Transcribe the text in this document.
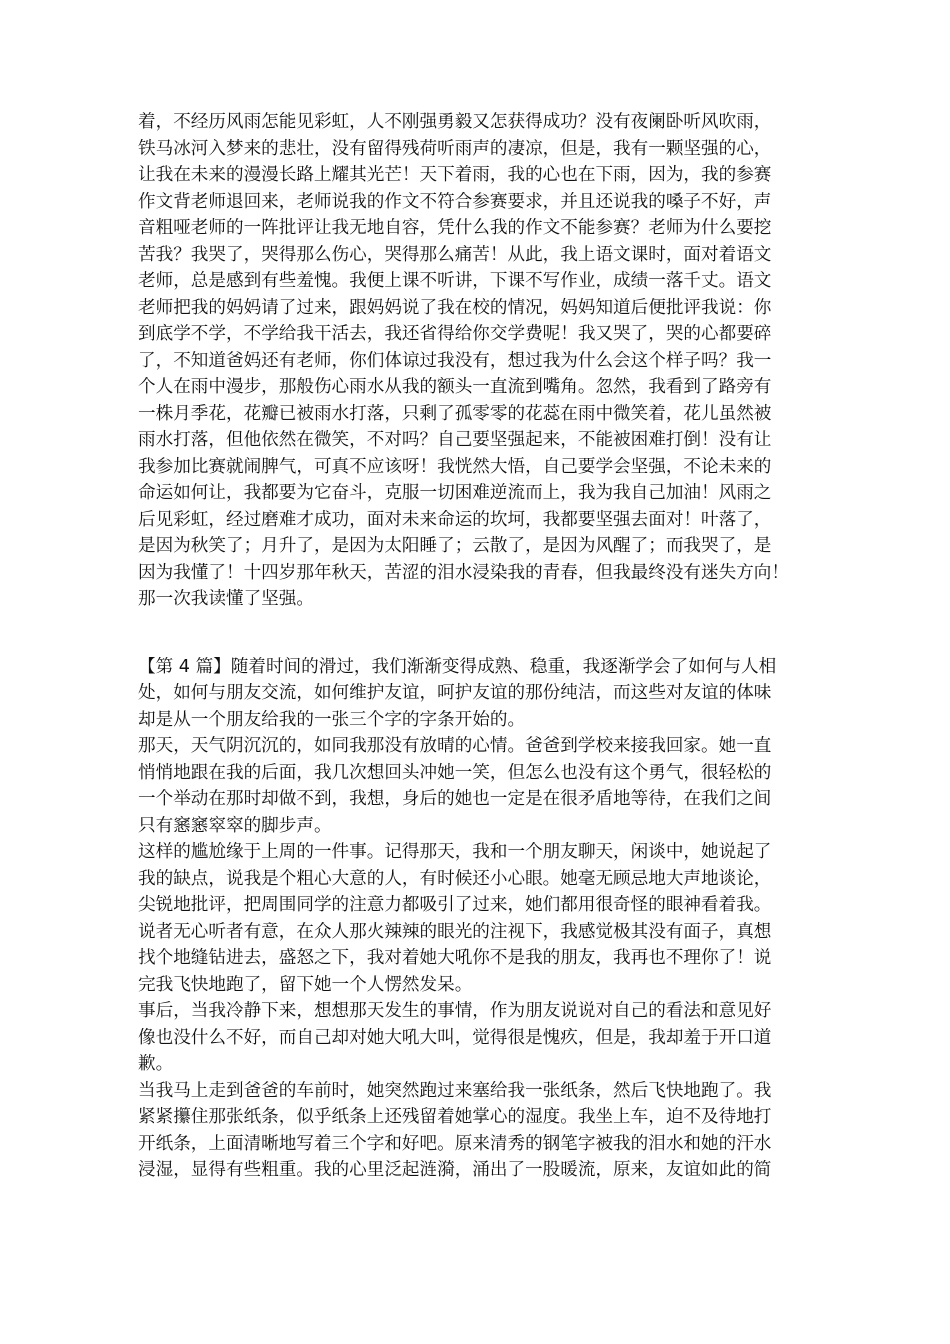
着，不经历风雨怎能见彩虹，人不刚强勇毅又怎获得成功？没有夜阑卧听风吹雨，
铁马冰河入梦来的悲壮，没有留得残荷听雨声的凄凉，但是，我有一颗坚强的心，
让我在未来的漫漫长路上耀其光芒！天下着雨，我的心也在下雨，因为，我的参赛
作文背老师退回来，老师说我的作文不符合参赛要求，并且还说我的嗓子不好，声
音粗哑老师的一阵批评让我无地自容，凭什么我的作文不能参赛？老师为什么要挖
苦我？我哭了，哭得那么伤心，哭得那么痛苦！从此，我上语文课时，面对着语文
老师，总是感到有些羞愧。我便上课不听讲，下课不写作业，成绩一落千丈。语文
老师把我的妈妈请了过来，跟妈妈说了我在校的情况，妈妈知道后便批评我说：你
到底学不学，不学给我干活去，我还省得给你交学费呢！我又哭了，哭的心都要碎
了，不知道爸妈还有老师，你们体谅过我没有，想过我为什么会这个样子吗？我一
个人在雨中漫步，那般伤心雨水从我的额头一直流到嘴角。忽然，我看到了路旁有
一株月季花，花瓣已被雨水打落，只剩了孤零零的花蕊在雨中微笑着，花儿虽然被
雨水打落，但他依然在微笑，不对吗？自己要坚强起来，不能被困难打倒！没有让
我参加比赛就闹脾气，可真不应该呀！我恍然大悟，自己要学会坚强，不论未来的
命运如何让，我都要为它奋斗，克服一切困难逆流而上，我为我自己加油！风雨之
后见彩虹，经过磨难才成功，面对未来命运的坎坷，我都要坚强去面对！叶落了，
是因为秋笑了；月升了，是因为太阳睡了；云散了，是因为风醒了；而我哭了，是
因为我懂了！十四岁那年秋天，苦涩的泪水浸染我的青春，但我最终没有迷失方向！
那一次我读懂了坚强。
【第 4 篇】随着时间的滑过，我们渐渐变得成熟、稳重，我逐渐学会了如何与人相
处，如何与朋友交流，如何维护友谊，呵护友谊的那份纯洁，而这些对友谊的体味
却是从一个朋友给我的一张三个字的字条开始的。
那天，天气阴沉沉的，如同我那没有放晴的心情。爸爸到学校来接我回家。她一直
悄悄地跟在我的后面，我几次想回头冲她一笑，但怎么也没有这个勇气，很轻松的
一个举动在那时却做不到，我想，身后的她也一定是在很矛盾地等待，在我们之间
只有窸窸窣窣的脚步声。
这样的尴尬缘于上周的一件事。记得那天，我和一个朋友聊天，闲谈中，她说起了
我的缺点，说我是个粗心大意的人，有时候还小心眼。她毫无顾忌地大声地谈论，
尖锐地批评，把周围同学的注意力都吸引了过来，她们都用很奇怪的眼神看着我。
说者无心听者有意，在众人那火辣辣的眼光的注视下，我感觉极其没有面子，真想
找个地缝钻进去，盛怒之下，我对着她大吼你不是我的朋友，我再也不理你了！说
完我飞快地跑了，留下她一个人愣然发呆。
事后，当我冷静下来，想想那天发生的事情，作为朋友说说对自己的看法和意见好
像也没什么不好，而自己却对她大吼大叫，觉得很是愧疚，但是，我却羞于开口道
歉。
当我马上走到爸爸的车前时，她突然跑过来塞给我一张纸条，然后飞快地跑了。我
紧紧攥住那张纸条，似乎纸条上还残留着她掌心的湿度。我坐上车，迫不及待地打
开纸条，上面清晰地写着三个字和好吧。原来清秀的钢笔字被我的泪水和她的汗水
浸湿，显得有些粗重。我的心里泛起涟漪，涌出了一股暖流，原来，友谊如此的简
